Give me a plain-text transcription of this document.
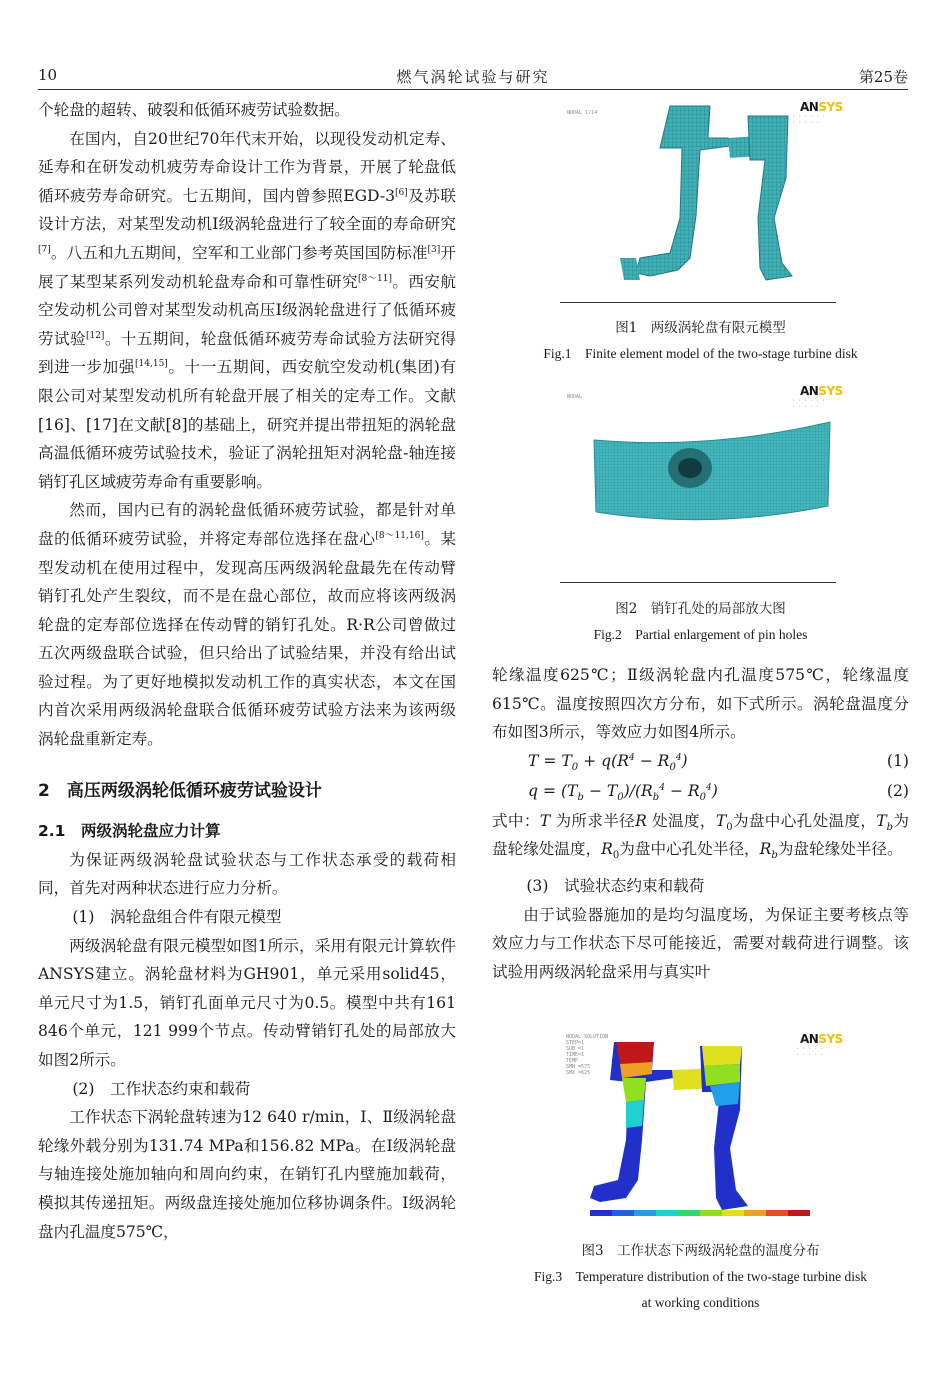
10	燃气涡轮试验与研究	第25卷

个轮盘的超转、破裂和低循环疲劳试验数据。

在国内，自20世纪70年代末开始，以现役发动机定寿、延寿和在研发动机疲劳寿命设计工作为背景，开展了轮盘低循环疲劳寿命研究。七五期间，国内曾参照EGD-3[6]及苏联设计方法，对某型发动机Ⅰ级涡轮盘进行了较全面的寿命研究[7]。八五和九五期间，空军和工业部门参考英国国防标准[3]开展了某型某系列发动机轮盘寿命和可靠性研究[8～11]。西安航空发动机公司曾对某型发动机高压Ⅰ级涡轮盘进行了低循环疲劳试验[12]。十五期间，轮盘低循环疲劳寿命试验方法研究得到进一步加强[14,15]。十一五期间，西安航空发动机(集团)有限公司对某型发动机所有轮盘开展了相关的定寿工作。文献[16]、[17]在文献[8]的基础上，研究并提出带扭矩的涡轮盘高温低循环疲劳试验技术，验证了涡轮扭矩对涡轮盘-轴连接销钉孔区域疲劳寿命有重要影响。

然而，国内已有的涡轮盘低循环疲劳试验，都是针对单盘的低循环疲劳试验，并将定寿部位选择在盘心[8～11,16]。某型发动机在使用过程中，发现高压两级涡轮盘最先在传动臂销钉孔处产生裂纹，而不是在盘心部位，故而应将该两级涡轮盘的定寿部位选择在传动臂的销钉孔处。R·R公司曾做过五次两级盘联合试验，但只给出了试验结果，并没有给出试验过程。为了更好地模拟发动机工作的真实状态，本文在国内首次采用两级涡轮盘联合低循环疲劳试验方法来为该两级涡轮盘重新定寿。

2　高压两级涡轮低循环疲劳试验设计

2.1　两级涡轮盘应力计算

为保证两级涡轮盘试验状态与工作状态承受的载荷相同，首先对两种状态进行应力分析。

(1)　涡轮盘组合件有限元模型

两级涡轮盘有限元模型如图1所示，采用有限元计算软件ANSYS建立。涡轮盘材料为GH901，单元采用solid45，单元尺寸为1.5，销钉孔面单元尺寸为0.5。模型中共有161 846个单元，121 999个节点。传动臂销钉孔处的局部放大如图2所示。

(2)　工作状态约束和载荷

工作状态下涡轮盘转速为12 640 r/min，Ⅰ、Ⅱ级涡轮盘轮缘外载分别为131.74 MPa和156.82 MPa。在Ⅰ级涡轮盘与轴连接处施加轴向和周向约束，在销钉孔内壁施加载荷，模拟其传递扭矩。两级盘连接处施加位移协调条件。Ⅰ级涡轮盘内孔温度575℃，

NODAL 1/14	ANSYS
· · · · · ·
· · · · ·
图1　两级涡轮盘有限元模型
Fig.1　Finite element model of the two-stage turbine disk
NODAL	ANSYS
· · · · · ·
· · · · ·
图2　销钉孔处的局部放大图
Fig.2　Partial enlargement of pin holes

轮缘温度625℃；Ⅱ级涡轮盘内孔温度575℃，轮缘温度615℃。温度按照四次方分布，如下式所示。涡轮盘温度分布如图3所示，等效应力如图4所示。

$T = T_0 + q(R^4 - R_0^4)$	(1)
$q = (T_b - T_0)/(R_b^4 - R_0^4)$	(2)

式中：T 为所求半径R 处温度，$T_0$为盘中心孔处温度，$T_b$为盘轮缘处温度，$R_0$为盘中心孔处半径，$R_b$为盘轮缘处半径。

(3)　试验状态约束和载荷

由于试验器施加的是均匀温度场，为保证主要考核点等效应力与工作状态下尽可能接近，需要对载荷进行调整。该试验用两级涡轮盘采用与真实叶

NODAL SOLUTION
STEP=1
SUB =1
TIME=1
TEMP
SMN =575
SMX =625
ANSYS
· · · · ·
· · · · ·
图3　工作状态下两级涡轮盘的温度分布
Fig.3　Temperature distribution of the two-stage turbine disk
at working conditions
